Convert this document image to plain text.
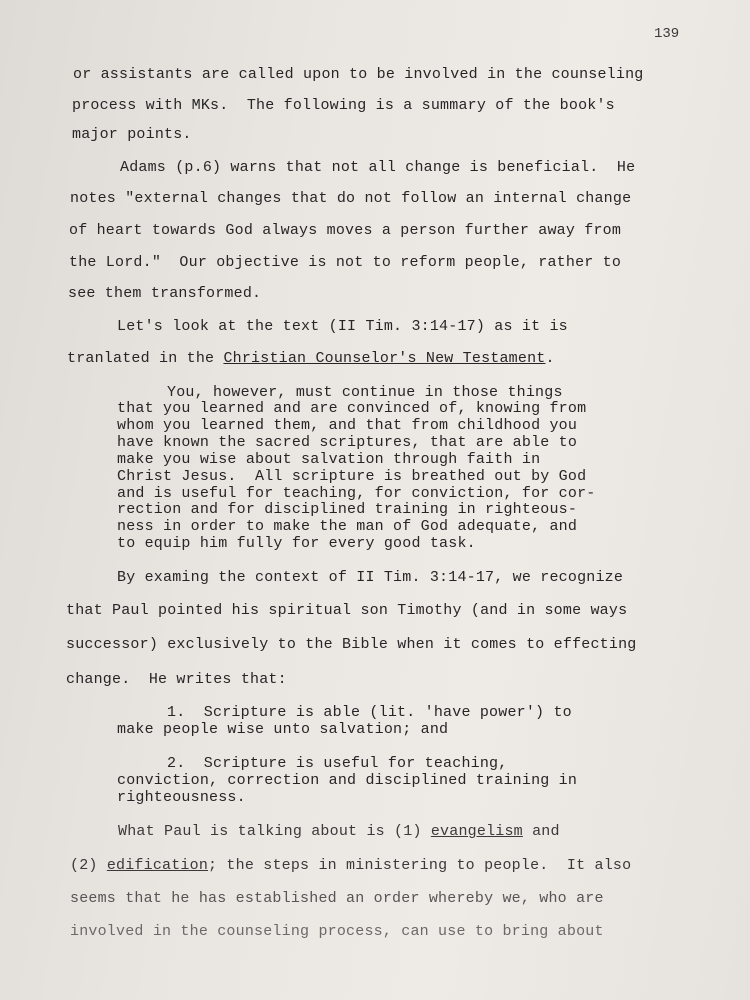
139
or assistants are called upon to be involved in the counseling
process with MKs.  The following is a summary of the book's
major points.
Adams (p.6) warns that not all change is beneficial.  He
notes "external changes that do not follow an internal change
of heart towards God always moves a person further away from
the Lord."  Our objective is not to reform people, rather to
see them transformed.
Let's look at the text (II Tim. 3:14-17) as it is
tranlated in the Christian Counselor's New Testament.
You, however, must continue in those things
that you learned and are convinced of, knowing from
whom you learned them, and that from childhood you
have known the sacred scriptures, that are able to
make you wise about salvation through faith in
Christ Jesus.  All scripture is breathed out by God
and is useful for teaching, for conviction, for cor-
rection and for disciplined training in righteous-
ness in order to make the man of God adequate, and
to equip him fully for every good task.
By examing the context of II Tim. 3:14-17, we recognize
that Paul pointed his spiritual son Timothy (and in some ways
successor) exclusively to the Bible when it comes to effecting
change.  He writes that:
1.  Scripture is able (lit. 'have power') to
make people wise unto salvation; and
2.  Scripture is useful for teaching,
conviction, correction and disciplined training in
righteousness.
What Paul is talking about is (1) evangelism and
(2) edification; the steps in ministering to people.  It also
seems that he has established an order whereby we, who are
involved in the counseling process, can use to bring about
